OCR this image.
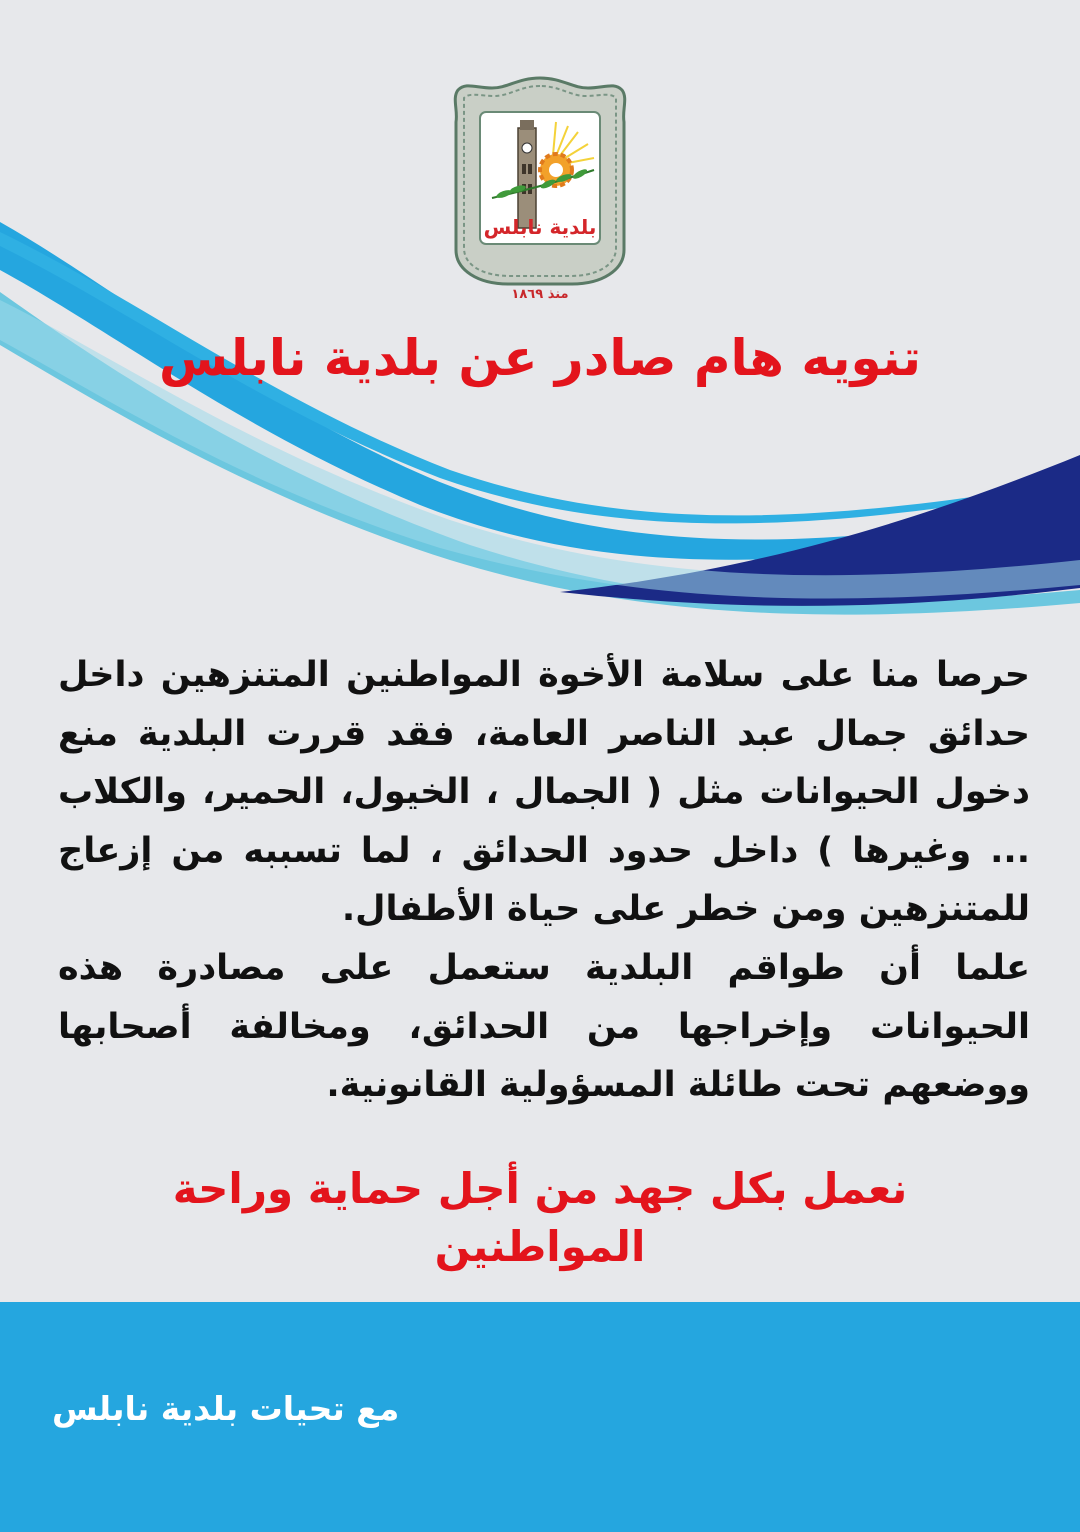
بلدية نابلس
منذ ١٨٦٩
تنويه هام صادر عن بلدية نابلس

حرصا منا على سلامة الأخوة المواطنين المتنزهين داخل حدائق جمال عبد الناصر العامة، فقد قررت البلدية منع دخول الحيوانات مثل ( الجمال ، الخيول، الحمير، والكلاب ... وغيرها ) داخل حدود الحدائق ، لما تسببه من إزعاج للمتنزهين ومن خطر على حياة الأطفال.

علما أن طواقم البلدية ستعمل على مصادرة هذه الحيوانات وإخراجها من الحدائق، ومخالفة أصحابها ووضعهم تحت طائلة المسؤولية القانونية.

نعمل بكل جهد من أجل حماية وراحة المواطنين
مع تحيات بلدية نابلس
